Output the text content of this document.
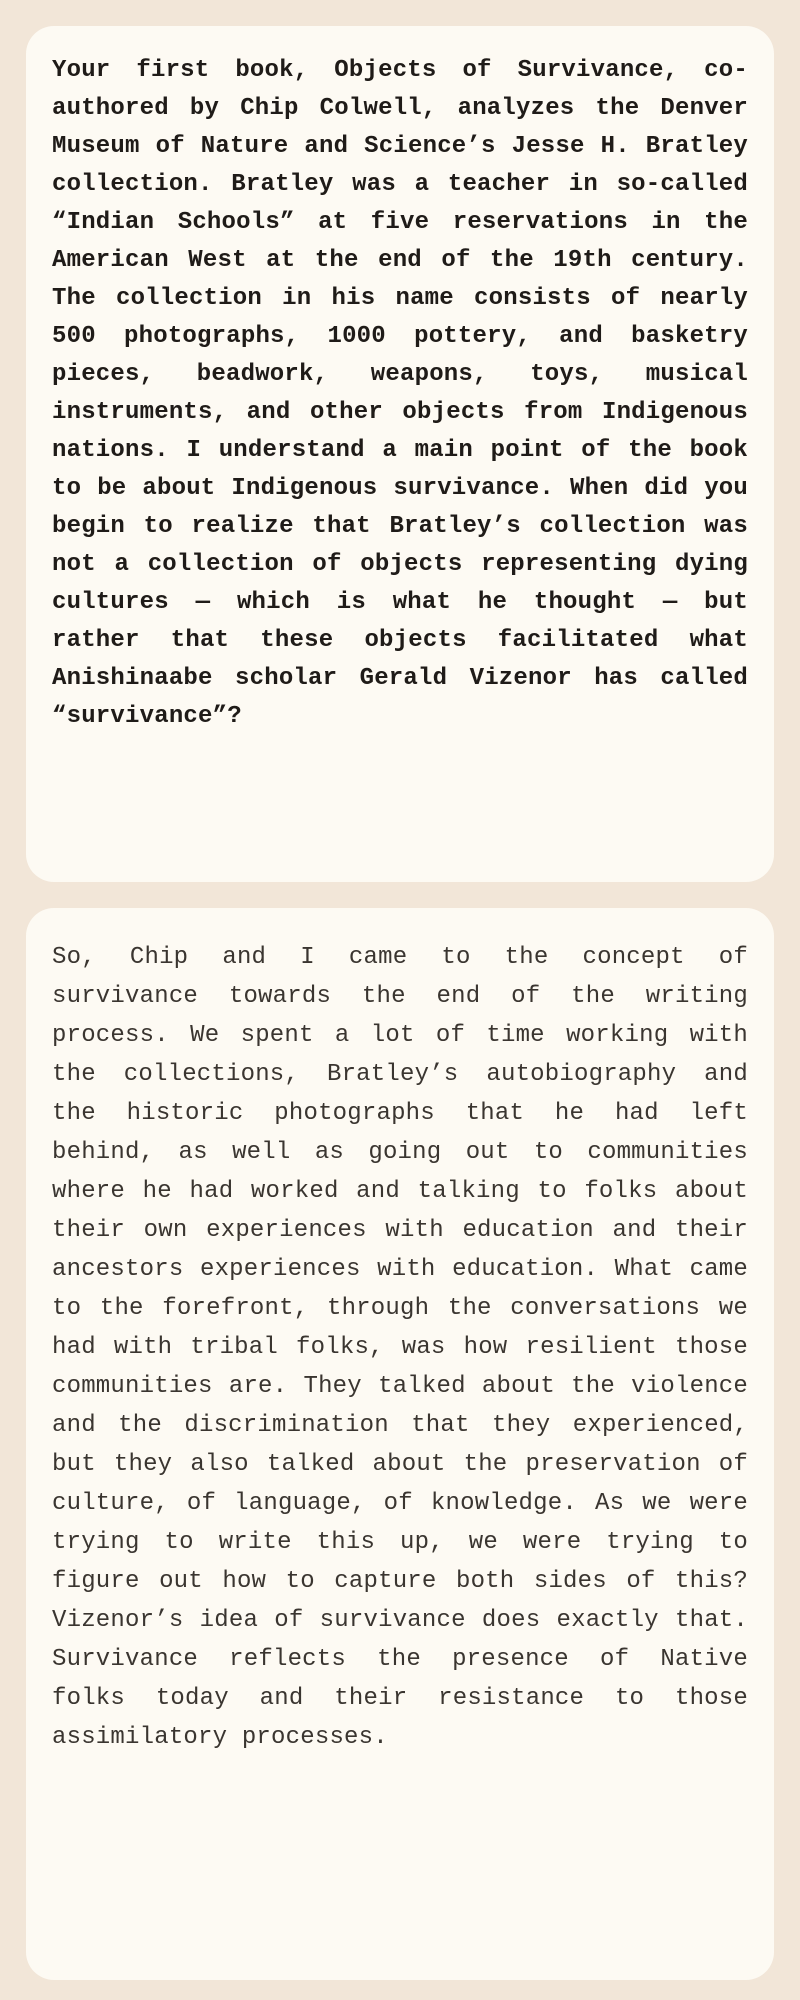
Your first book, Objects of Survivance, co-authored by Chip Colwell, analyzes the Denver Museum of Nature and Science’s Jesse H. Bratley collection. Bratley was a teacher in so-called “Indian Schools” at five reservations in the American West at the end of the 19th century. The collection in his name consists of nearly 500 photographs, 1000 pottery, and basketry pieces, beadwork, weapons, toys, musical instruments, and other objects from Indigenous nations. I understand a main point of the book to be about Indigenous survivance. When did you begin to realize that Bratley’s collection was not a collection of objects representing dying cultures — which is what he thought — but rather that these objects facilitated what Anishinaabe scholar Gerald Vizenor has called “survivance”?

So, Chip and I came to the concept of survivance towards the end of the writing process. We spent a lot of time working with the collections, Bratley’s autobiography and the historic photographs that he had left behind, as well as going out to communities where he had worked and talking to folks about their own experiences with education and their ancestors experiences with education. What came to the forefront, through the conversations we had with tribal folks, was how resilient those communities are. They talked about the violence and the discrimination that they experienced, but they also talked about the preservation of culture, of language, of knowledge. As we were trying to write this up, we were trying to figure out how to capture both sides of this? Vizenor’s idea of survivance does exactly that. Survivance reflects the presence of Native folks today and their resistance to those assimilatory processes.
